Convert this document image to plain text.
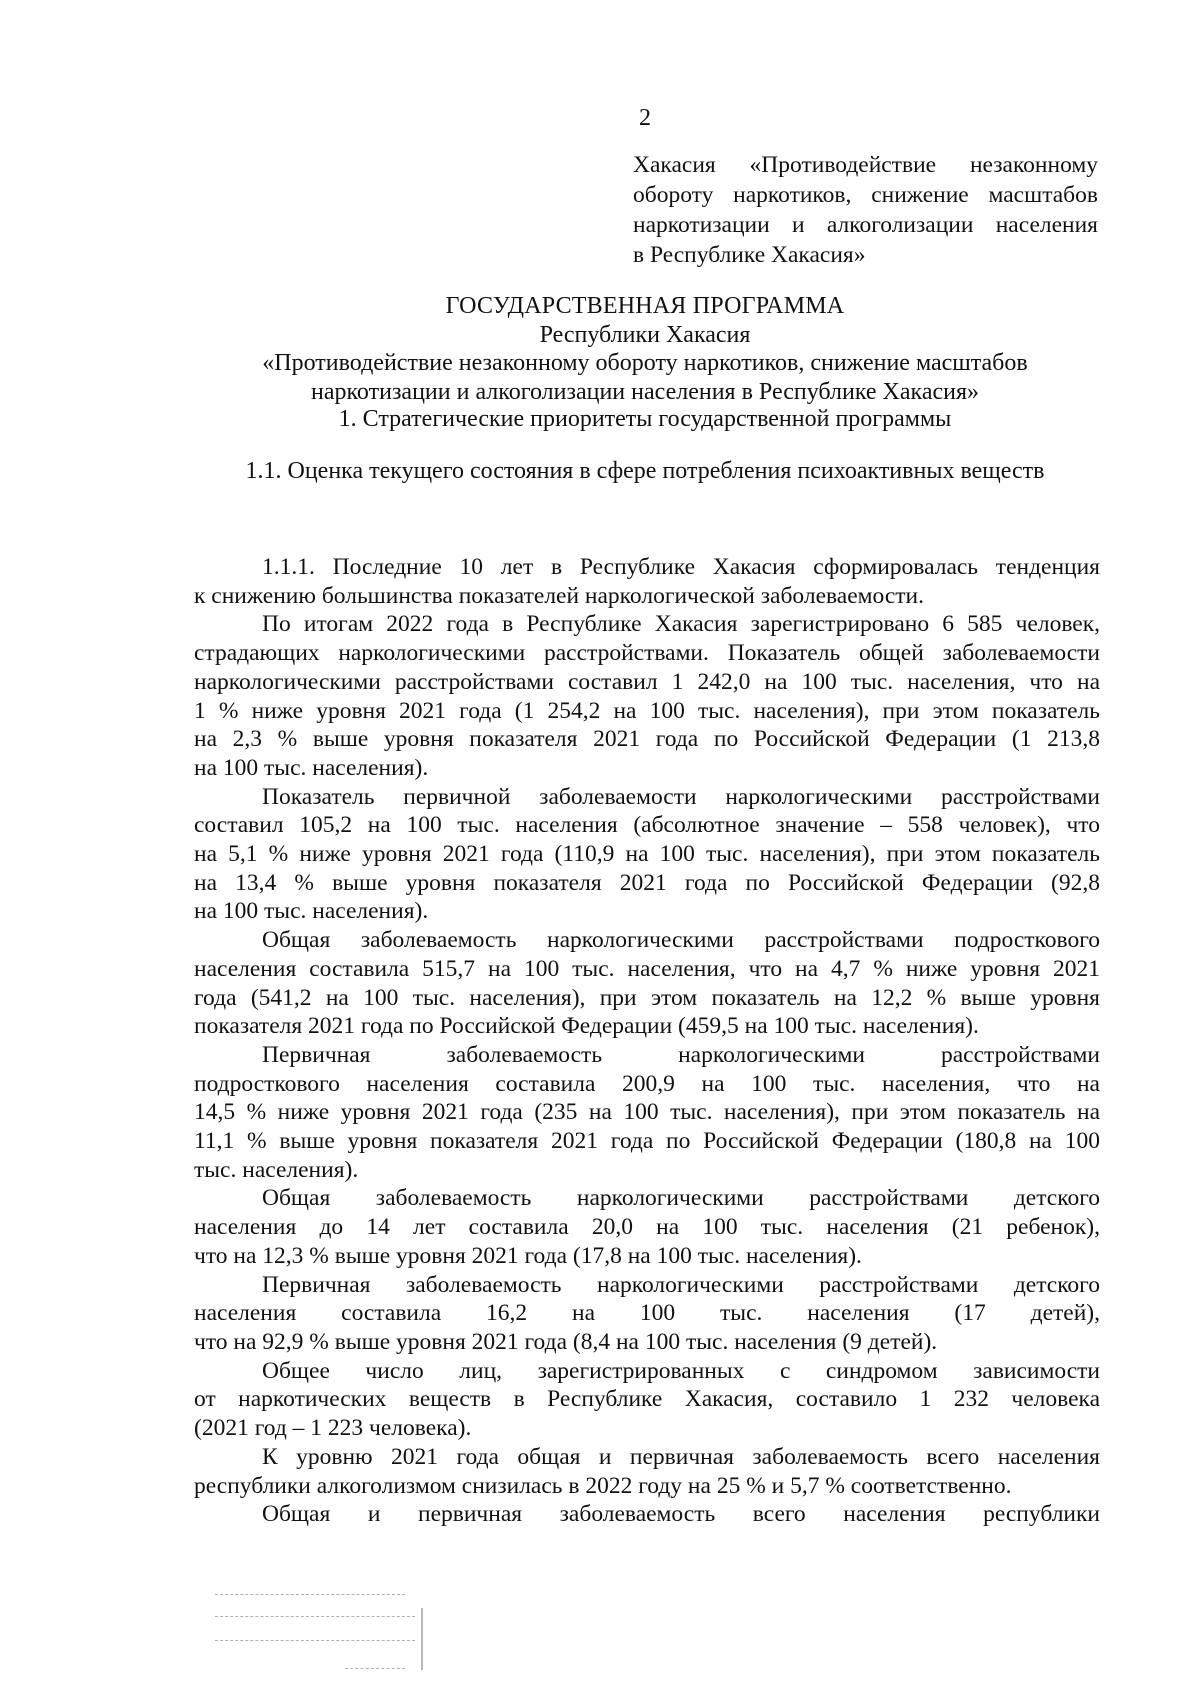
2
Хакасия «Противодействие незаконному
обороту наркотиков, снижение масштабов
наркотизации и алкоголизации населения
в Республике Хакасия»
ГОСУДАРСТВЕННАЯ ПРОГРАММА
Республики Хакасия
«Противодействие незаконному обороту наркотиков, снижение масштабов
наркотизации и алкоголизации населения в Республике Хакасия»
1. Стратегические приоритеты государственной программы
1.1. Оценка текущего состояния в сфере потребления психоактивных веществ
1.1.1. Последние 10 лет в Республике Хакасия сформировалась тенденция
к снижению большинства показателей наркологической заболеваемости.
По итогам 2022 года в Республике Хакасия зарегистрировано 6 585 человек,
страдающих наркологическими расстройствами. Показатель общей заболеваемости
наркологическими расстройствами составил 1 242,0 на 100 тыс. населения, что на
1 % ниже уровня 2021 года (1 254,2 на 100 тыс. населения), при этом показатель
на 2,3 % выше уровня показателя 2021 года по Российской Федерации (1 213,8
на 100 тыс. населения).
Показатель первичной заболеваемости наркологическими расстройствами
составил 105,2 на 100 тыс. населения (абсолютное значение – 558 человек), что
на 5,1 % ниже уровня 2021 года (110,9 на 100 тыс. населения), при этом показатель
на 13,4 % выше уровня показателя 2021 года по Российской Федерации (92,8
на 100 тыс. населения).
Общая заболеваемость наркологическими расстройствами подросткового
населения составила 515,7 на 100 тыс. населения, что на 4,7 % ниже уровня 2021
года (541,2 на 100 тыс. населения), при этом показатель на 12,2 % выше уровня
показателя 2021 года по Российской Федерации (459,5 на 100 тыс. населения).
Первичная заболеваемость наркологическими расстройствами
подросткового населения составила 200,9 на 100 тыс. населения, что на
14,5 % ниже уровня 2021 года (235 на 100 тыс. населения), при этом показатель на
11,1 % выше уровня показателя 2021 года по Российской Федерации (180,8 на 100
тыс. населения).
Общая заболеваемость наркологическими расстройствами детского
населения до 14 лет составила 20,0 на 100 тыс. населения (21 ребенок),
что на 12,3 % выше уровня 2021 года (17,8 на 100 тыс. населения).
Первичная заболеваемость наркологическими расстройствами детского
населения составила 16,2 на 100 тыс. населения (17 детей),
что на 92,9 % выше уровня 2021 года (8,4 на 100 тыс. населения (9 детей).
Общее число лиц, зарегистрированных с синдромом зависимости
от наркотических веществ в Республике Хакасия, составило 1 232 человека
(2021 год – 1 223 человека).
К уровню 2021 года общая и первичная заболеваемость всего населения
республики алкоголизмом снизилась в 2022 году на 25 % и 5,7 % соответственно.
Общая и первичная заболеваемость всего населения республики
